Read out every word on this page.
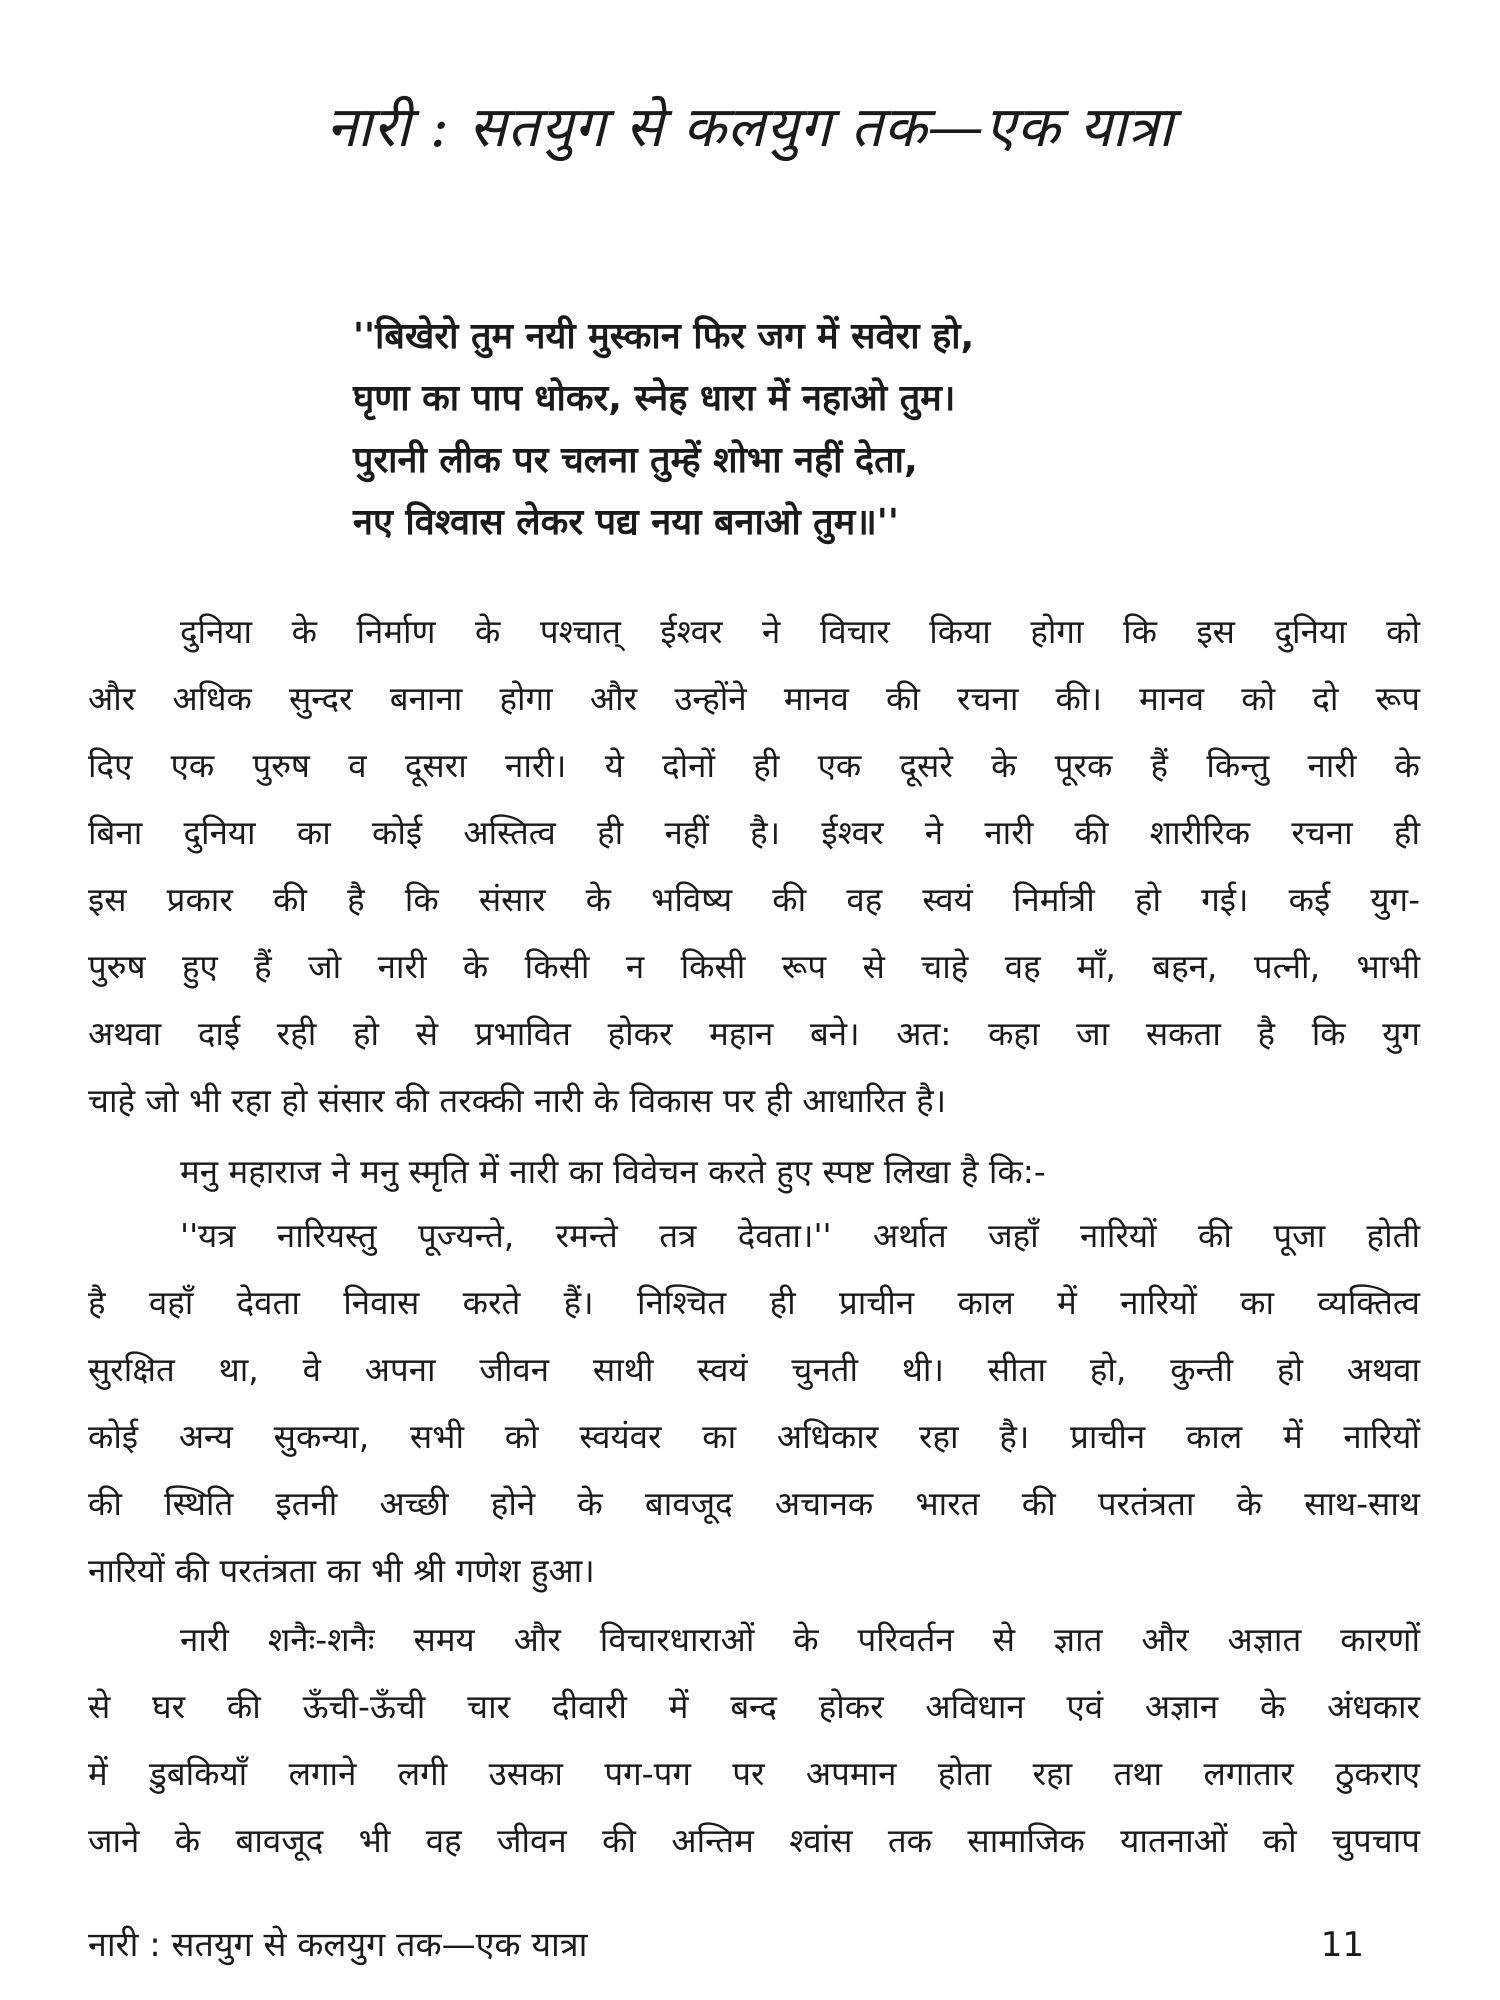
नारी : सतयुग से कलयुग तक—एक यात्रा
''बिखेरो तुम नयी मुस्कान फिर जग में सवेरा हो,
घृणा का पाप धोकर, स्नेह धारा में नहाओ तुम।
पुरानी लीक पर चलना तुम्हें शोभा नहीं देता,
नए विश्वास लेकर पद्य नया बनाओ तुम॥''
दुनिया के निर्माण के पश्चात् ईश्वर ने विचार किया होगा कि इस दुनिया को
और अधिक सुन्दर बनाना होगा और उन्होंने मानव की रचना की। मानव को दो रूप
दिए एक पुरुष व दूसरा नारी। ये दोनों ही एक दूसरे के पूरक हैं किन्तु नारी के
बिना दुनिया का कोई अस्तित्व ही नहीं है। ईश्वर ने नारी की शारीरिक रचना ही
इस प्रकार की है कि संसार के भविष्य की वह स्वयं निर्मात्री हो गई। कई युग-
पुरुष हुए हैं जो नारी के किसी न किसी रूप से चाहे वह माँ, बहन, पत्नी, भाभी
अथवा दाई रही हो से प्रभावित होकर महान बने। अत: कहा जा सकता है कि युग
चाहे जो भी रहा हो संसार की तरक्की नारी के विकास पर ही आधारित है।
मनु महाराज ने मनु स्मृति में नारी का विवेचन करते हुए स्पष्ट लिखा है कि:-
''यत्र नारियस्तु पूज्यन्ते, रमन्ते तत्र देवता।'' अर्थात जहाँ नारियों की पूजा होती
है वहाँ देवता निवास करते हैं। निश्चित ही प्राचीन काल में नारियों का व्यक्तित्व
सुरक्षित था, वे अपना जीवन साथी स्वयं चुनती थी। सीता हो, कुन्ती हो अथवा
कोई अन्य सुकन्या, सभी को स्वयंवर का अधिकार रहा है। प्राचीन काल में नारियों
की स्थिति इतनी अच्छी होने के बावजूद अचानक भारत की परतंत्रता के साथ-साथ
नारियों की परतंत्रता का भी श्री गणेश हुआ।
नारी शनैः-शनैः समय और विचारधाराओं के परिवर्तन से ज्ञात और अज्ञात कारणों
से घर की ऊँची-ऊँची चार दीवारी में बन्द होकर अविधान एवं अज्ञान के अंधकार
में डुबकियाँ लगाने लगी उसका पग-पग पर अपमान होता रहा तथा लगातार ठुकराए
जाने के बावजूद भी वह जीवन की अन्तिम श्वांस तक सामाजिक यातनाओं को चुपचाप
नारी : सतयुग से कलयुग तक—एक यात्रा	11
